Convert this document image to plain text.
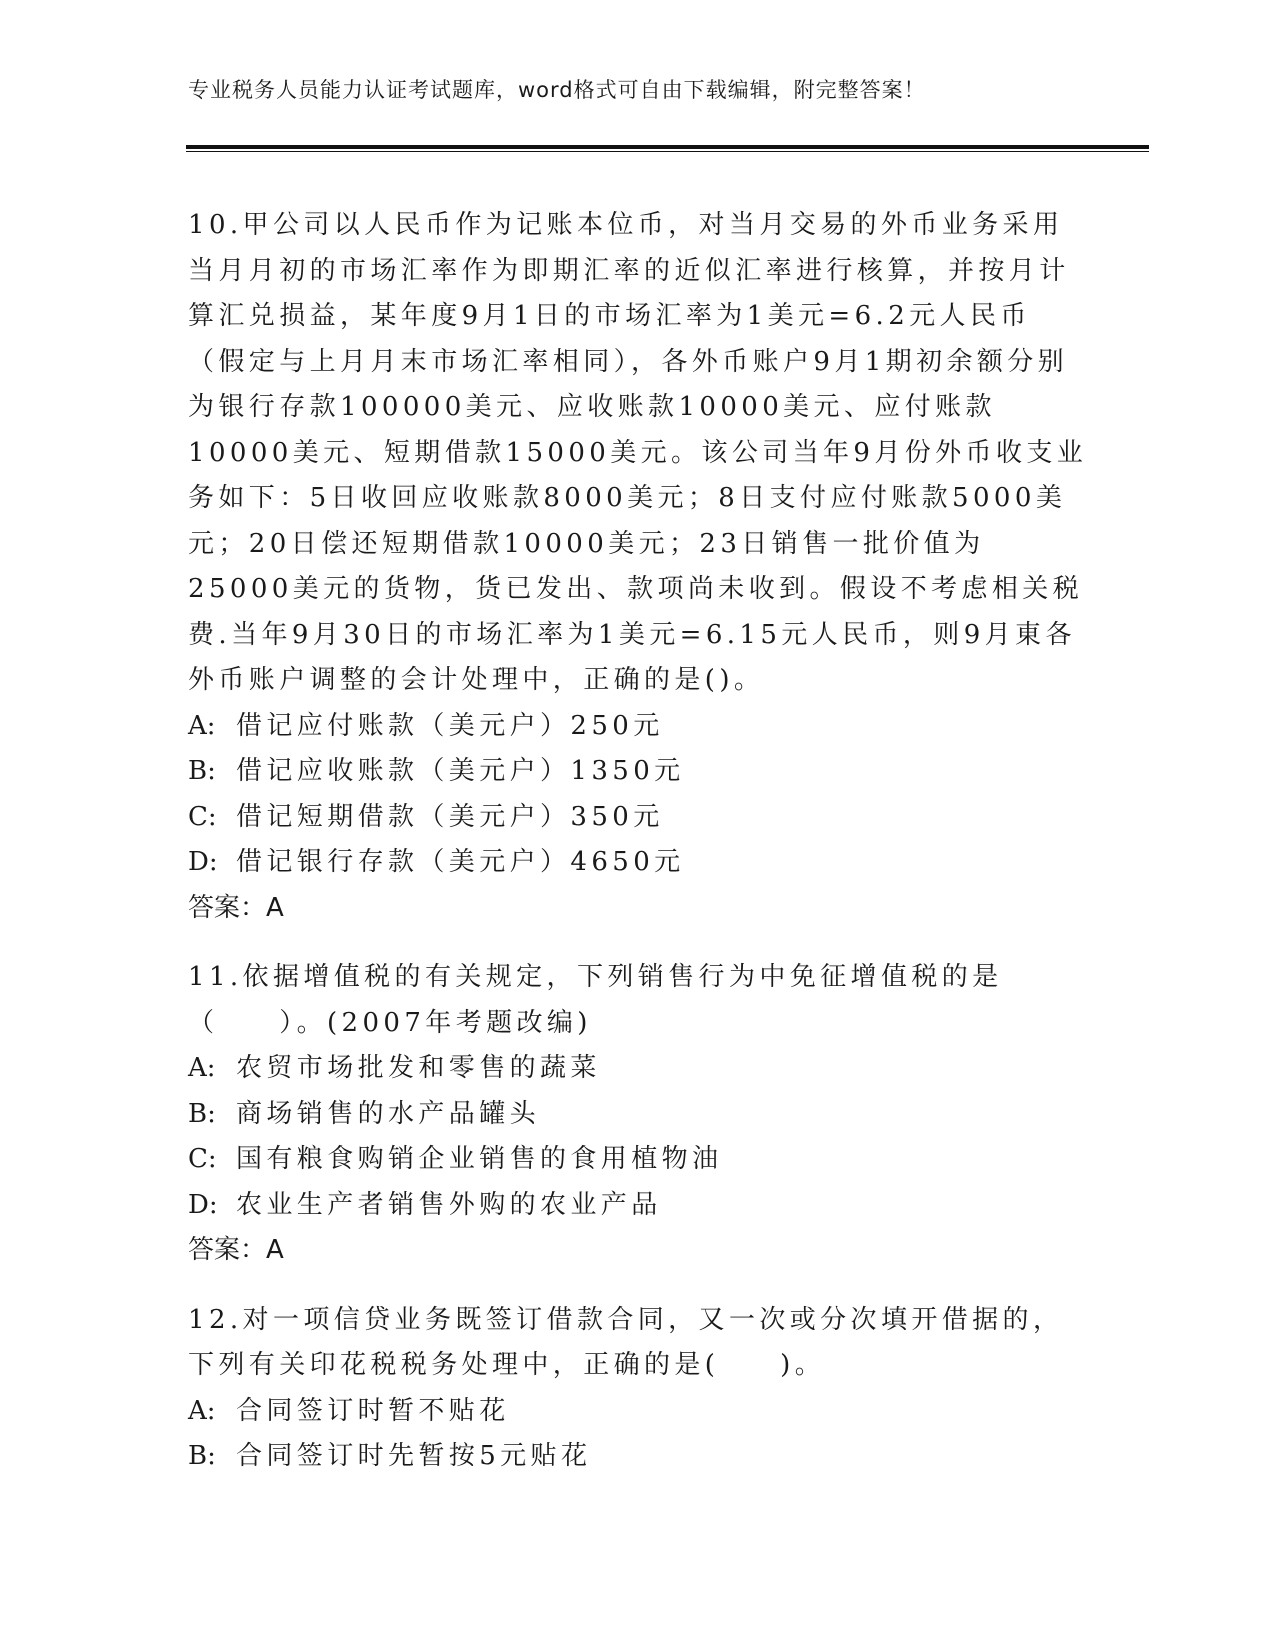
专业税务人员能力认证考试题库，word格式可自由下载编辑，附完整答案！

10.甲公司以人民币作为记账本位币，对当月交易的外币业务采用当月月初的市场汇率作为即期汇率的近似汇率进行核算，并按月计算汇兑损益，某年度9月1日的市场汇率为1美元=6.2元人民币（假定与上月月末市场汇率相同），各外币账户9月1期初余额分别为银行存款100000美元、应收账款10000美元、应付账款10000美元、短期借款15000美元。该公司当年9月份外币收支业务如下：5日收回应收账款8000美元；8日支付应付账款5000美元；20日偿还短期借款10000美元；23日销售一批价值为25000美元的货物，货已发出、款项尚未收到。假设不考虑相关税费.当年9月30日的市场汇率为1美元=6.15元人民币，则9月東各外币账户调整的会计处理中，正确的是()。

A: 借记应付账款（美元户）250元
B: 借记应收账款（美元户）1350元
C: 借记短期借款（美元户）350元
D: 借记银行存款（美元户）4650元
答案：A

11.依据增值税的有关规定，下列销售行为中免征增值税的是（　　）。(2007年考题改编)

A: 农贸市场批发和零售的蔬菜
B: 商场销售的水产品罐头
C: 国有粮食购销企业销售的食用植物油
D: 农业生产者销售外购的农业产品
答案：A

12.对一项信贷业务既签订借款合同，又一次或分次填开借据的，下列有关印花税税务处理中，正确的是(　　)。

A: 合同签订时暂不贴花
B: 合同签订时先暂按5元贴花
